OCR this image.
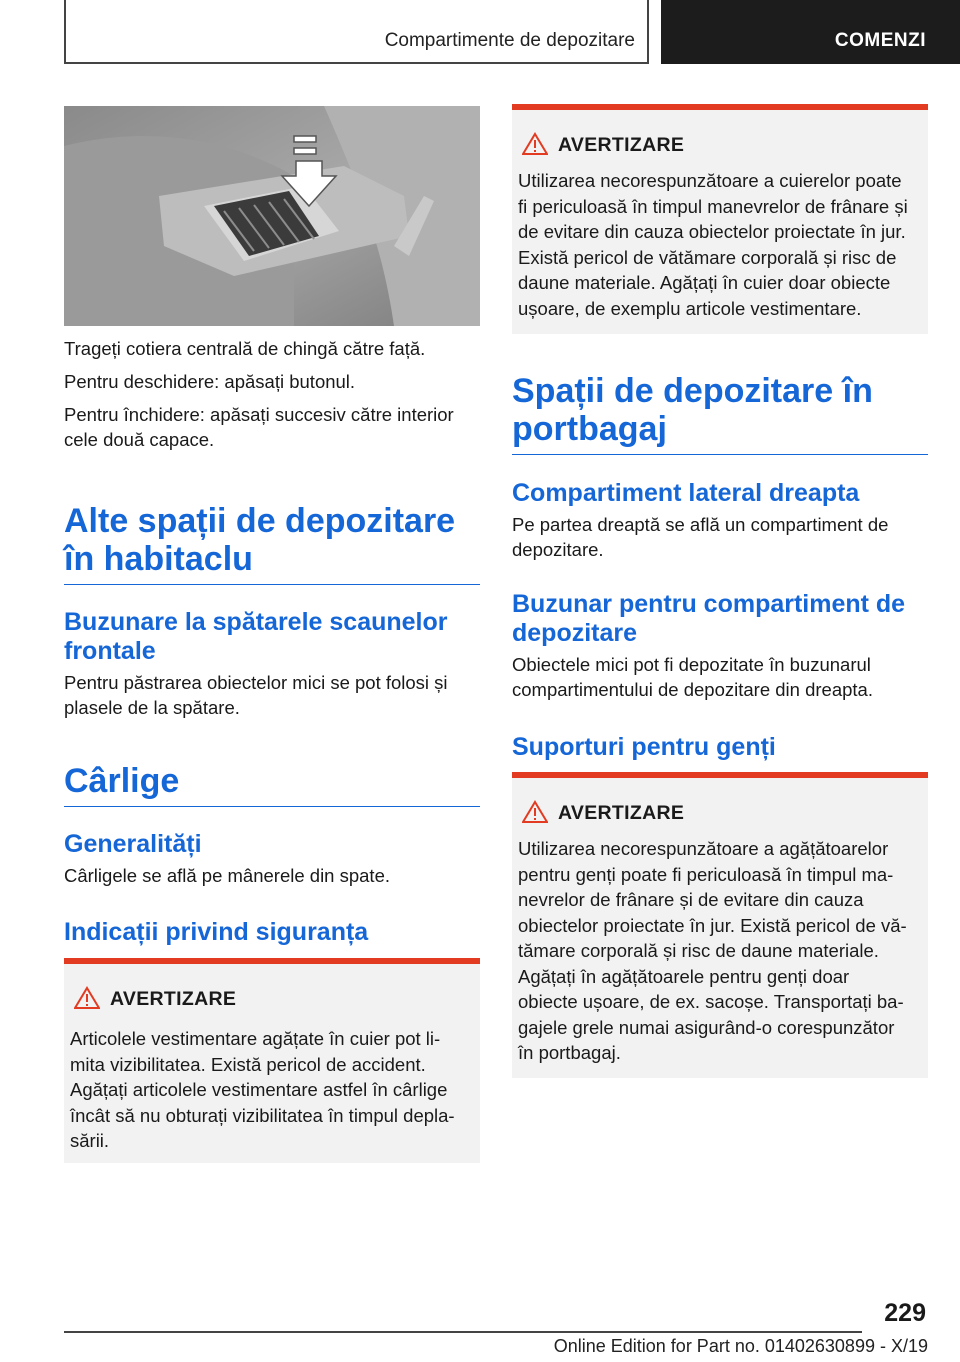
Compartimente de depozitare	COMENZI

Trageți cotiera centrală de chingă către față.

Pentru deschidere: apăsați butonul.

Pentru închidere: apăsați succesiv către interior cele două capace.

Alte spații de depozitare în habitaclu
Buzunare la spătarele scaunelor frontale

Pentru păstrarea obiectelor mici se pot folosi și plasele de la spătare.

Cârlige
Generalități

Cârligele se află pe mânerele din spate.

Indicații privind siguranța
AVERTIZARE
Articolele vestimentare agățate în cuier pot li-
mita vizibilitatea. Există pericol de accident.
Agățați articolele vestimentare astfel în cârlige
încât să nu obturați vizibilitatea în timpul depla-
sării.
AVERTIZARE
Utilizarea necorespunzătoare a cuierelor poate
fi periculoasă în timpul manevrelor de frânare și
de evitare din cauza obiectelor proiectate în jur.
Există pericol de vătămare corporală și risc de
daune materiale. Agățați în cuier doar obiecte
ușoare, de exemplu articole vestimentare.
Spații de depozitare în portbagaj
Compartiment lateral dreapta

Pe partea dreaptă se află un compartiment de depozitare.

Buzunar pentru compartiment de depozitare

Obiectele mici pot fi depozitate în buzunarul compartimentului de depozitare din dreapta.

Suporturi pentru genți
AVERTIZARE
Utilizarea necorespunzătoare a agățătoarelor
pentru genți poate fi periculoasă în timpul ma-
nevrelor de frânare și de evitare din cauza
obiectelor proiectate în jur. Există pericol de vă-
tămare corporală și risc de daune materiale.
Agățați în agățătoarele pentru genți doar
obiecte ușoare, de ex. sacoșe. Transportați ba-
gajele grele numai asigurând-o corespunzător
în portbagaj.
229
Online Edition for Part no. 01402630899 - X/19
